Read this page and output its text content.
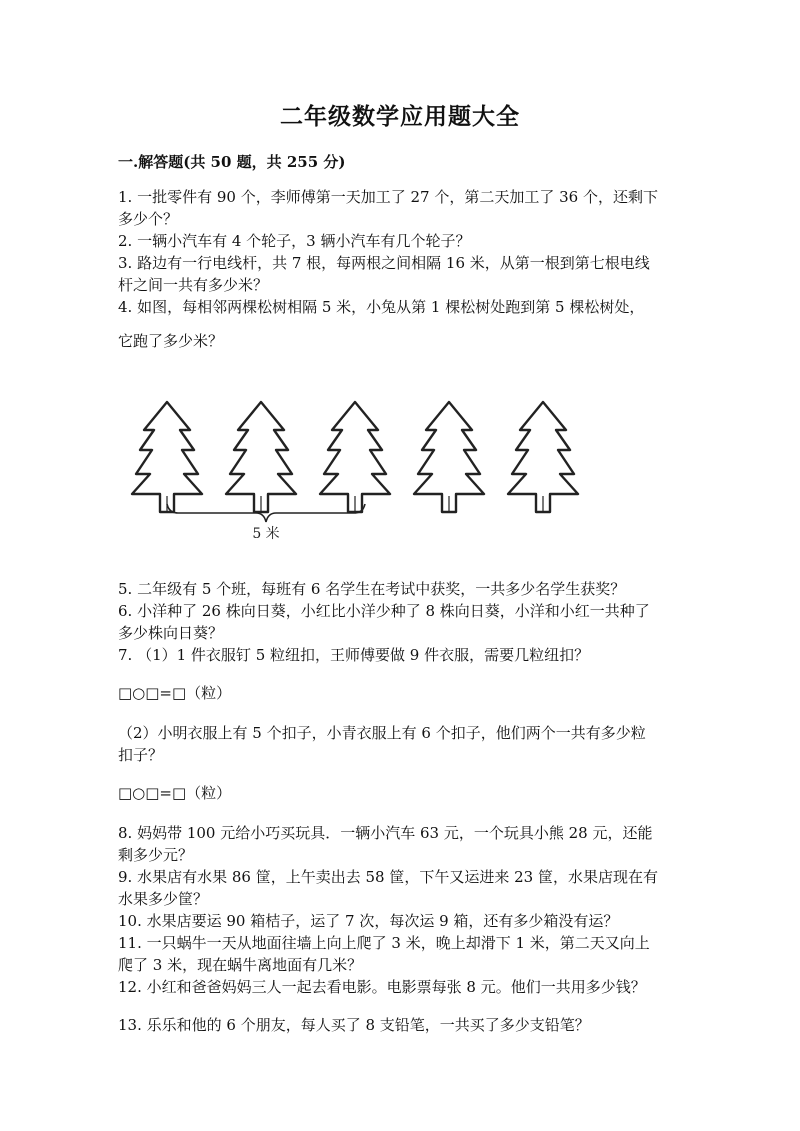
二年级数学应用题大全

一.解答题(共 50 题，共 255 分)

1. 一批零件有 90 个，李师傅第一天加工了 27 个，第二天加工了 36 个，还剩下

多少个？

2. 一辆小汽车有 4 个轮子，3 辆小汽车有几个轮子？

3. 路边有一行电线杆，共 7 根，每两根之间相隔 16 米，从第一根到第七根电线

杆之间一共有多少米？

4. 如图，每相邻两棵松树相隔 5 米，小兔从第 1 棵松树处跑到第 5 棵松树处，

它跑了多少米？

5 米

5. 二年级有 5 个班，每班有 6 名学生在考试中获奖，一共多少名学生获奖？

6. 小洋种了 26 株向日葵，小红比小洋少种了 8 株向日葵，小洋和小红一共种了

多少株向日葵？

7. （1）1 件衣服钉 5 粒纽扣，王师傅要做 9 件衣服，需要几粒纽扣？

□○□=□（粒）

（2）小明衣服上有 5 个扣子，小青衣服上有 6 个扣子，他们两个一共有多少粒

扣子？

□○□=□（粒）

8. 妈妈带 100 元给小巧买玩具．一辆小汽车 63 元，一个玩具小熊 28 元，还能

剩多少元？

9. 水果店有水果 86 筐，上午卖出去 58 筐，下午又运进来 23 筐，水果店现在有

水果多少筐？

10. 水果店要运 90 箱桔子，运了 7 次，每次运 9 箱，还有多少箱没有运？

11. 一只蜗牛一天从地面往墙上向上爬了 3 米，晚上却滑下 1 米，第二天又向上

爬了 3 米，现在蜗牛离地面有几米？

12. 小红和爸爸妈妈三人一起去看电影。电影票每张 8 元。他们一共用多少钱？

13. 乐乐和他的 6 个朋友，每人买了 8 支铅笔，一共买了多少支铅笔？
